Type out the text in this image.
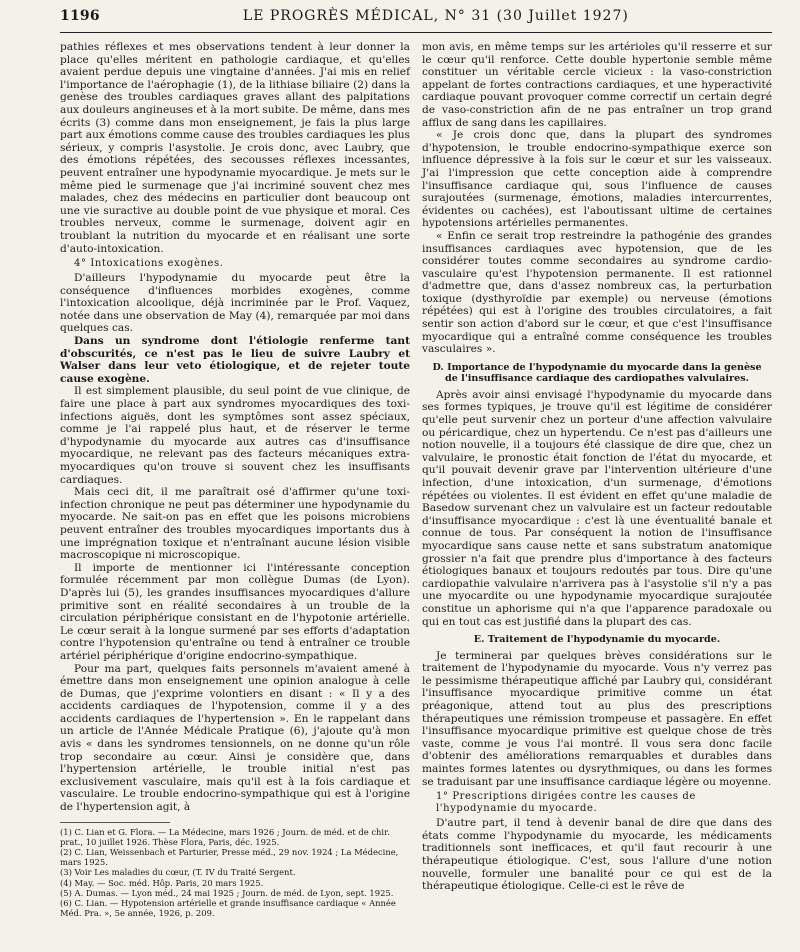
1196	LE PROGRÈS MÉDICAL, N° 31 (30 Juillet 1927)

pathies réflexes et mes observations tendent à leur donner la place qu'elles méritent en pathologie cardiaque, et qu'elles avaient perdue depuis une vingtaine d'années. J'ai mis en relief l'importance de l'aérophagie (1), de la lithiase biliaire (2) dans la genèse des troubles cardiaques graves allant des palpitations aux douleurs angineuses et à la mort subite. De même, dans mes écrits (3) comme dans mon enseignement, je fais la plus large part aux émotions comme cause des troubles cardiaques les plus sérieux, y compris l'asystolie. Je crois donc, avec Laubry, que des émotions répétées, des secousses réflexes incessantes, peuvent entraîner une hypodynamie myocardique. Je mets sur le même pied le surmenage que j'ai incriminé souvent chez mes malades, chez des médecins en particulier dont beaucoup ont une vie suractive au double point de vue physique et moral. Ces troubles nerveux, comme le surmenage, doivent agir en troublant la nutrition du myocarde et en réalisant une sorte d'auto-intoxication.

4° Intoxications exogènes.

D'ailleurs l'hypodynamie du myocarde peut être la conséquence d'influences morbides exogènes, comme l'intoxication alcoolique, déjà incriminée par le Prof. Vaquez, notée dans une observation de May (4), remarquée par moi dans quelques cas.

Dans un syndrome dont l'étiologie renferme tant d'obscurités, ce n'est pas le lieu de suivre Laubry et Walser dans leur veto étiologique, et de rejeter toute cause exogène.

Il est simplement plausible, du seul point de vue clinique, de faire une place à part aux syndromes myocardiques des toxi-infections aiguës, dont les symptômes sont assez spéciaux, comme je l'ai rappelé plus haut, et de réserver le terme d'hypodynamie du myocarde aux autres cas d'insuffisance myocardique, ne relevant pas des facteurs mécaniques extra-myocardiques qu'on trouve si souvent chez les insuffisants cardiaques.

Mais ceci dit, il me paraîtrait osé d'affirmer qu'une toxi-infection chronique ne peut pas déterminer une hypodynamie du myocarde. Ne sait-on pas en effet que les poisons microbiens peuvent entraîner des troubles myocardiques importants dus à une imprégnation toxique et n'entraînant aucune lésion visible macroscopique ni microscopique.

Il importe de mentionner ici l'intéressante conception formulée récemment par mon collègue Dumas (de Lyon). D'après lui (5), les grandes insuffisances myocardiques d'allure primitive sont en réalité secondaires à un trouble de la circulation périphérique consistant en de l'hypotonie artérielle. Le cœur serait à la longue surmené par ses efforts d'adaptation contre l'hypotension qu'entraîne ou tend à entraîner ce trouble artériel périphérique d'origine endocrino-sympathique.

Pour ma part, quelques faits personnels m'avaient amené à émettre dans mon enseignement une opinion analogue à celle de Dumas, que j'exprime volontiers en disant : « Il y a des accidents cardiaques de l'hypotension, comme il y a des accidents cardiaques de l'hypertension ». En le rappelant dans un article de l'Année Médicale Pratique (6), j'ajoute qu'à mon avis « dans les syndromes tensionnels, on ne donne qu'un rôle trop secondaire au cœur. Ainsi je considère que, dans l'hypertension artérielle, le trouble initial n'est pas exclusivement vasculaire, mais qu'il est à la fois cardiaque et vasculaire. Le trouble endocrino-sympathique qui est à l'origine de l'hypertension agit, à

(1) C. Lian et G. Flora. — La Médecine, mars 1926 ; Journ. de méd. et de chir. prat., 10 juillet 1926. Thèse Flora, Paris, déc. 1925.

(2) C. Lian, Weissenbach et Parturier, Presse méd., 29 nov. 1924 ; La Médecine, mars 1925.

(3) Voir Les maladies du cœur, (T. IV du Traité Sergent.

(4) May. — Soc. méd. Hôp. Paris, 20 mars 1925.

(5) A. Dumas. — Lyon méd., 24 mai 1925 ; Journ. de méd. de Lyon, sept. 1925.

(6) C. Lian. — Hypotension artérielle et grande insuffisance cardiaque « Année Méd. Pra. », 5e année, 1926, p. 209.

mon avis, en même temps sur les artérioles qu'il resserre et sur le cœur qu'il renforce. Cette double hypertonie semble même constituer un véritable cercle vicieux : la vaso-constriction appelant de fortes contractions cardiaques, et une hyperactivité cardiaque pouvant provoquer comme correctif un certain degré de vaso-constriction afin de ne pas entraîner un trop grand afflux de sang dans les capillaires.

« Je crois donc que, dans la plupart des syndromes d'hypotension, le trouble endocrino-sympathique exerce son influence dépressive à la fois sur le cœur et sur les vaisseaux. J'ai l'impression que cette conception aide à comprendre l'insuffisance cardiaque qui, sous l'influence de causes surajoutées (surmenage, émotions, maladies intercurrentes, évidentes ou cachées), est l'aboutissant ultime de certaines hypotensions artérielles permanentes.

« Enfin ce serait trop restreindre la pathogénie des grandes insuffisances cardiaques avec hypotension, que de les considérer toutes comme secondaires au syndrome cardio-vasculaire qu'est l'hypotension permanente. Il est rationnel d'admettre que, dans d'assez nombreux cas, la perturbation toxique (dysthyroïdie par exemple) ou nerveuse (émotions répétées) qui est à l'origine des troubles circulatoires, a fait sentir son action d'abord sur le cœur, et que c'est l'insuffisance myocardique qui a entraîné comme conséquence les troubles vasculaires ».

D. Importance de l'hypodynamie du myocarde dans la genèse de l'insuffisance cardiaque des cardiopathes valvulaires.

Après avoir ainsi envisagé l'hypodynamie du myocarde dans ses formes typiques, je trouve qu'il est légitime de considérer qu'elle peut survenir chez un porteur d'une affection valvulaire ou péricardique, chez un hypertendu. Ce n'est pas d'ailleurs une notion nouvelle, il a toujours été classique de dire que, chez un valvulaire, le pronostic était fonction de l'état du myocarde, et qu'il pouvait devenir grave par l'intervention ultérieure d'une infection, d'une intoxication, d'un surmenage, d'émotions répétées ou violentes. Il est évident en effet qu'une maladie de Basedow survenant chez un valvulaire est un facteur redoutable d'insuffisance myocardique : c'est là une éventualité banale et connue de tous. Par conséquent la notion de l'insuffisance myocardique sans cause nette et sans substratum anatomique grossier n'a fait que prendre plus d'importance à des facteurs étiologiques banaux et toujours redoutés par tous. Dire qu'une cardiopathie valvulaire n'arrivera pas à l'asystolie s'il n'y a pas une myocardite ou une hypodynamie myocardique surajoutée constitue un aphorisme qui n'a que l'apparence paradoxale ou qui en tout cas est justifié dans la plupart des cas.

E. Traitement de l'hypodynamie du myocarde.

Je terminerai par quelques brèves considérations sur le traitement de l'hypodynamie du myocarde. Vous n'y verrez pas le pessimisme thérapeutique affiché par Laubry qui, considérant l'insuffisance myocardique primitive comme un état préagonique, attend tout au plus des prescriptions thérapeutiques une rémission trompeuse et passagère. En effet l'insuffisance myocardique primitive est quelque chose de très vaste, comme je vous l'ai montré. Il vous sera donc facile d'obtenir des améliorations remarquables et durables dans maintes formes latentes ou dysrythmiques, ou dans les formes se traduisant par une insuffisance cardiaque légère ou moyenne.

1° Prescriptions dirigées contre les causes de l'hypodynamie du myocarde.

D'autre part, il tend à devenir banal de dire que dans des états comme l'hypodynamie du myocarde, les médicaments traditionnels sont inefficaces, et qu'il faut recourir à une thérapeutique étiologique. C'est, sous l'allure d'une notion nouvelle, formuler une banalité pour ce qui est de la thérapeutique étiologique. Celle-ci est le rêve de
